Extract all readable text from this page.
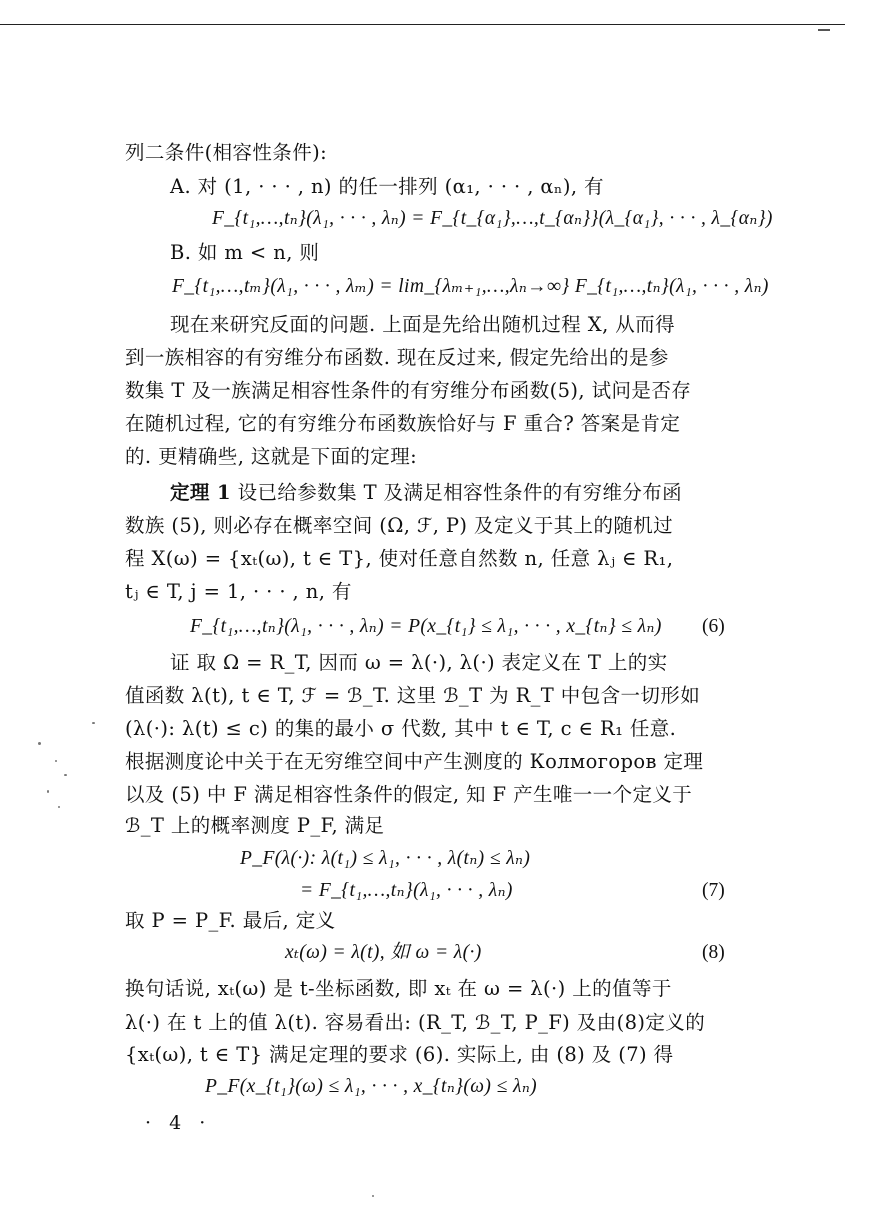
列二条件(相容性条件):
A. 对 (1, · · · , n) 的任一排列 (α₁, · · · , αₙ), 有
F_{t₁,…,tₙ}(λ₁, · · · , λₙ) = F_{t_{α₁},…,t_{αₙ}}(λ_{α₁}, · · · , λ_{αₙ})
B. 如 m < n, 则
F_{t₁,…,tₘ}(λ₁, · · · , λₘ) = lim_{λₘ₊₁,…,λₙ→∞} F_{t₁,…,tₙ}(λ₁, · · · , λₙ)
现在来研究反面的问题. 上面是先给出随机过程 X, 从而得
到一族相容的有穷维分布函数. 现在反过来, 假定先给出的是参
数集 T 及一族满足相容性条件的有穷维分布函数(5), 试问是否存
在随机过程, 它的有穷维分布函数族恰好与 F 重合? 答案是肯定
的. 更精确些, 这就是下面的定理:
定理 1 设已给参数集 T 及满足相容性条件的有穷维分布函
数族 (5), 则必存在概率空间 (Ω, ℱ, P) 及定义于其上的随机过
程 X(ω) = {xₜ(ω), t ∈ T}, 使对任意自然数 n, 任意 λⱼ ∈ R₁,
tⱼ ∈ T, j = 1, · · · , n, 有
F_{t₁,…,tₙ}(λ₁, · · · , λₙ) = P(x_{t₁} ≤ λ₁, · · · , x_{tₙ} ≤ λₙ) (6)
证 取 Ω = R_T, 因而 ω = λ(·), λ(·) 表定义在 T 上的实
值函数 λ(t), t ∈ T, ℱ = ℬ_T. 这里 ℬ_T 为 R_T 中包含一切形如
(λ(·): λ(t) ≤ c) 的集的最小 σ 代数, 其中 t ∈ T, c ∈ R₁ 任意.
根据测度论中关于在无穷维空间中产生测度的 Колмогоров 定理
以及 (5) 中 F 满足相容性条件的假定, 知 F 产生唯一一个定义于
ℬ_T 上的概率测度 P_F, 满足
P_F(λ(·): λ(t₁) ≤ λ₁, · · · , λ(tₙ) ≤ λₙ)
= F_{t₁,…,tₙ}(λ₁, · · · , λₙ)	(7)
取 P = P_F. 最后, 定义
xₜ(ω) = λ(t), 如 ω = λ(·)	(8)
换句话说, xₜ(ω) 是 t-坐标函数, 即 xₜ 在 ω = λ(·) 上的值等于
λ(·) 在 t 上的值 λ(t). 容易看出: (R_T, ℬ_T, P_F) 及由(8)定义的
{xₜ(ω), t ∈ T} 满足定理的要求 (6). 实际上, 由 (8) 及 (7) 得
P_F(x_{t₁}(ω) ≤ λ₁, · · · , x_{tₙ}(ω) ≤ λₙ)
· 4 ·
